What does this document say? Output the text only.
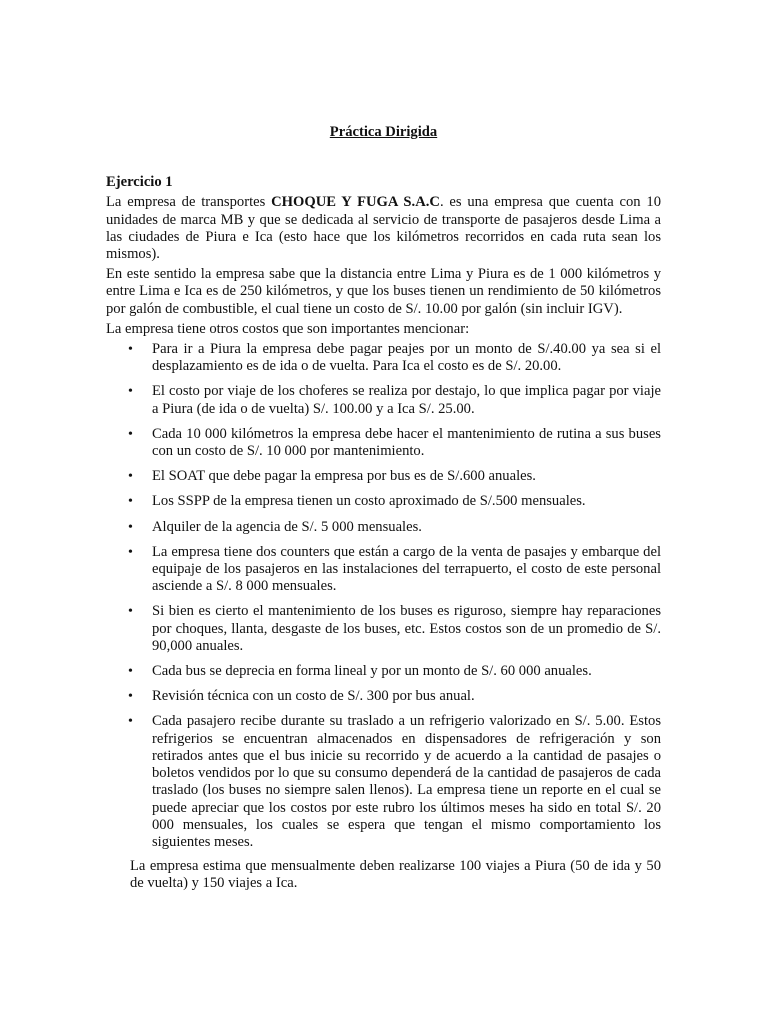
Práctica Dirigida
Ejercicio 1

La empresa de transportes CHOQUE Y FUGA S.A.C. es una empresa que cuenta con 10 unidades de marca MB y que se dedicada al servicio de transporte de pasajeros desde Lima a las ciudades de Piura e Ica (esto hace que los kilómetros recorridos en cada ruta sean los mismos).

En este sentido la empresa sabe que la distancia entre Lima y Piura es de 1 000 kilómetros y entre Lima e Ica es de 250 kilómetros, y que los buses tienen un rendimiento de 50 kilómetros por galón de combustible, el cual tiene un costo de S/. 10.00 por galón (sin incluir IGV).

La empresa tiene otros costos que son importantes mencionar:

• Para ir a Piura la empresa debe pagar peajes por un monto de S/.40.00 ya sea si el desplazamiento es de ida o de vuelta. Para Ica el costo es de S/. 20.00.
• El costo por viaje de los choferes se realiza por destajo, lo que implica pagar por viaje a Piura (de ida o de vuelta) S/. 100.00 y a Ica S/. 25.00.
• Cada 10 000 kilómetros la empresa debe hacer el mantenimiento de rutina a sus buses con un costo de S/. 10 000 por mantenimiento.
• El SOAT que debe pagar la empresa por bus es de S/.600 anuales.
• Los SSPP de la empresa tienen un costo aproximado de S/.500 mensuales.
• Alquiler de la agencia de S/. 5 000 mensuales.
• La empresa tiene dos counters que están a cargo de la venta de pasajes y embarque del equipaje de los pasajeros en las instalaciones del terrapuerto, el costo de este personal asciende a S/. 8 000 mensuales.
• Si bien es cierto el mantenimiento de los buses es riguroso, siempre hay reparaciones por choques, llanta, desgaste de los buses, etc. Estos costos son de un promedio de S/. 90,000 anuales.
• Cada bus se deprecia en forma lineal y por un monto de S/. 60 000 anuales.
• Revisión técnica con un costo de S/. 300 por bus anual.
• Cada pasajero recibe durante su traslado a un refrigerio valorizado en S/. 5.00. Estos refrigerios se encuentran almacenados en dispensadores de refrigeración y son retirados antes que el bus inicie su recorrido y de acuerdo a la cantidad de pasajes o boletos vendidos por lo que su consumo dependerá de la cantidad de pasajeros de cada traslado (los buses no siempre salen llenos). La empresa tiene un reporte en el cual se puede apreciar que los costos por este rubro los últimos meses ha sido en total S/. 20 000 mensuales, los cuales se espera que tengan el mismo comportamiento los siguientes meses.

La empresa estima que mensualmente deben realizarse 100 viajes a Piura (50 de ida y 50 de vuelta) y 150 viajes a Ica.
